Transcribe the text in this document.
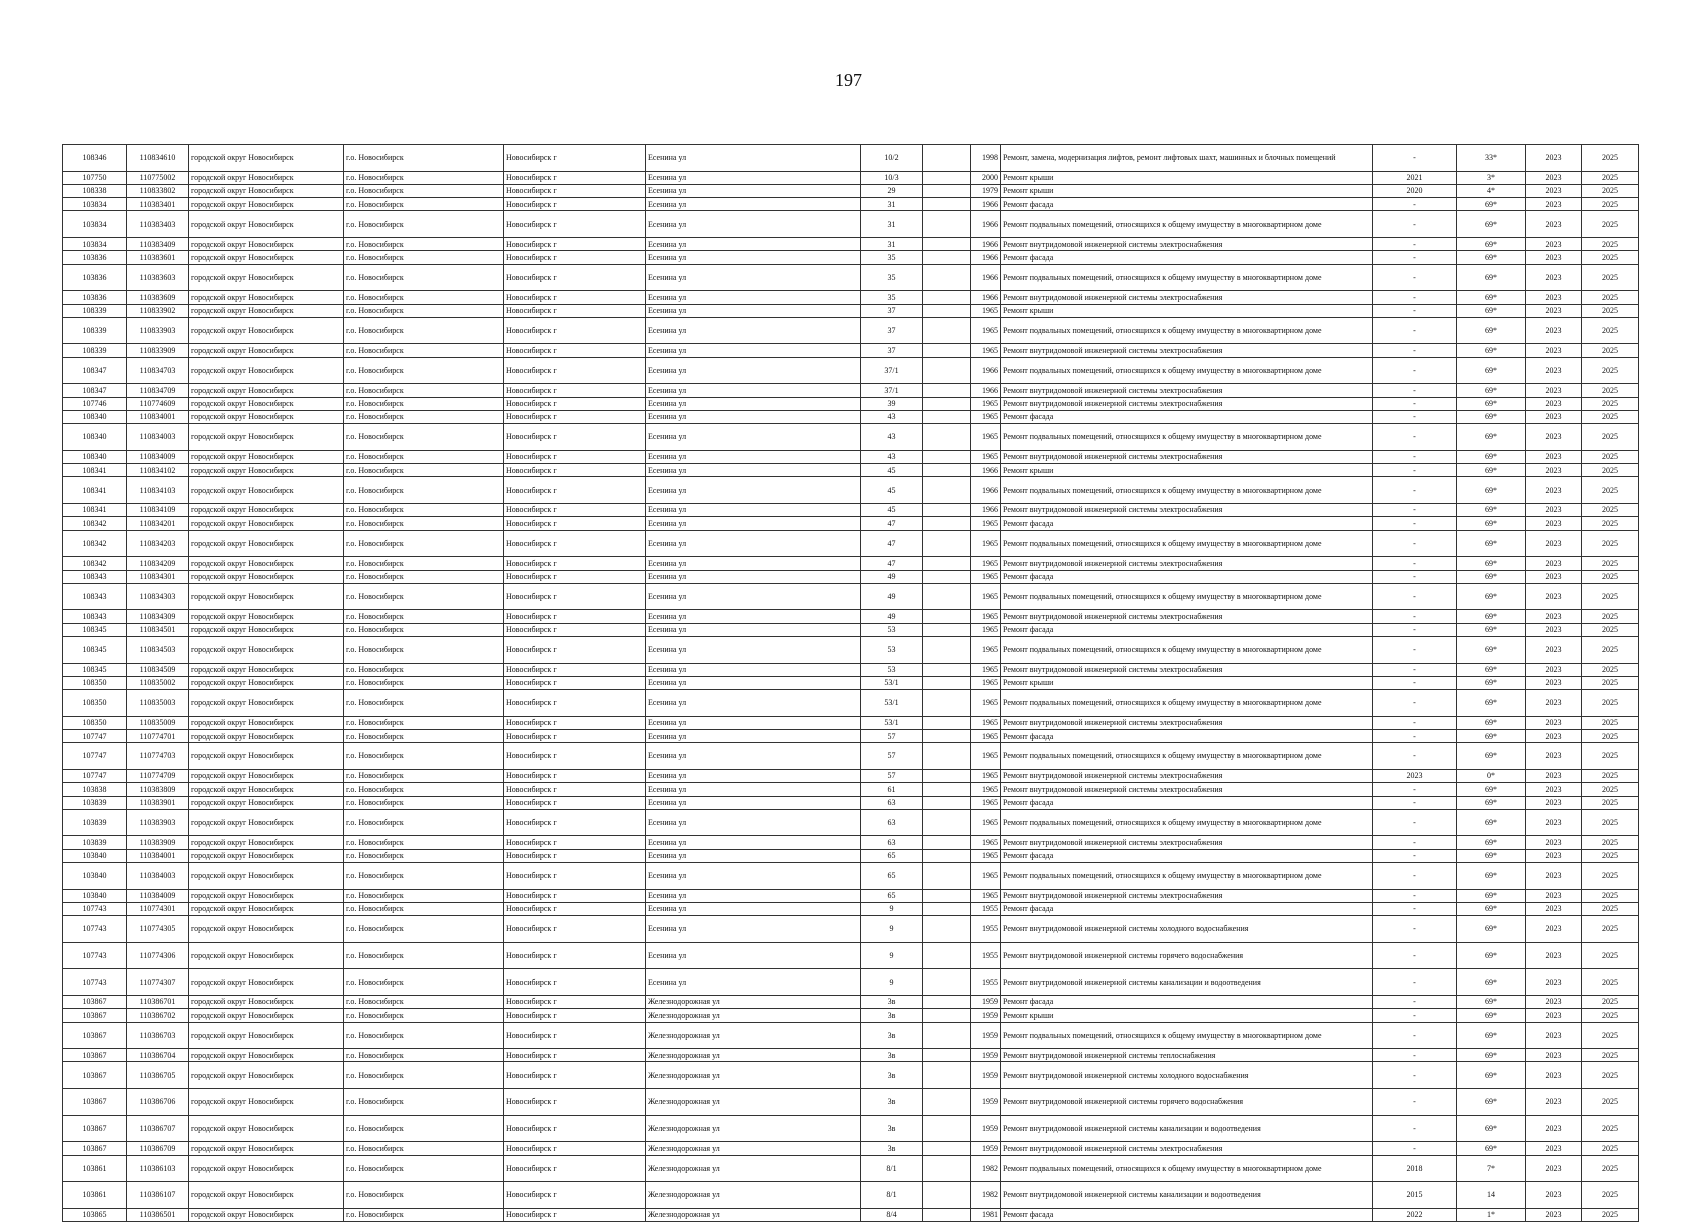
197
108346	110834610	городской округ Новосибирск	г.о. Новосибирск	Новосибирск г	Есенина ул	10/2		1998	Ремонт, замена, модернизация лифтов, ремонт лифтовых шахт, машинных и блочных помещений	-	33*	2023	2025
107750	110775002	городской округ Новосибирск	г.о. Новосибирск	Новосибирск г	Есенина ул	10/3		2000	Ремонт крыши	2021	3*	2023	2025
108338	110833802	городской округ Новосибирск	г.о. Новосибирск	Новосибирск г	Есенина ул	29		1979	Ремонт крыши	2020	4*	2023	2025
103834	110383401	городской округ Новосибирск	г.о. Новосибирск	Новосибирск г	Есенина ул	31		1966	Ремонт фасада	-	69*	2023	2025
103834	110383403	городской округ Новосибирск	г.о. Новосибирск	Новосибирск г	Есенина ул	31		1966	Ремонт подвальных помещений, относящихся к общему имуществу в многоквартирном доме	-	69*	2023	2025
103834	110383409	городской округ Новосибирск	г.о. Новосибирск	Новосибирск г	Есенина ул	31		1966	Ремонт внутридомовой инженерной системы электроснабжения	-	69*	2023	2025
103836	110383601	городской округ Новосибирск	г.о. Новосибирск	Новосибирск г	Есенина ул	35		1966	Ремонт фасада	-	69*	2023	2025
103836	110383603	городской округ Новосибирск	г.о. Новосибирск	Новосибирск г	Есенина ул	35		1966	Ремонт подвальных помещений, относящихся к общему имуществу в многоквартирном доме	-	69*	2023	2025
103836	110383609	городской округ Новосибирск	г.о. Новосибирск	Новосибирск г	Есенина ул	35		1966	Ремонт внутридомовой инженерной системы электроснабжения	-	69*	2023	2025
108339	110833902	городской округ Новосибирск	г.о. Новосибирск	Новосибирск г	Есенина ул	37		1965	Ремонт крыши	-	69*	2023	2025
108339	110833903	городской округ Новосибирск	г.о. Новосибирск	Новосибирск г	Есенина ул	37		1965	Ремонт подвальных помещений, относящихся к общему имуществу в многоквартирном доме	-	69*	2023	2025
108339	110833909	городской округ Новосибирск	г.о. Новосибирск	Новосибирск г	Есенина ул	37		1965	Ремонт внутридомовой инженерной системы электроснабжения	-	69*	2023	2025
108347	110834703	городской округ Новосибирск	г.о. Новосибирск	Новосибирск г	Есенина ул	37/1		1966	Ремонт подвальных помещений, относящихся к общему имуществу в многоквартирном доме	-	69*	2023	2025
108347	110834709	городской округ Новосибирск	г.о. Новосибирск	Новосибирск г	Есенина ул	37/1		1966	Ремонт внутридомовой инженерной системы электроснабжения	-	69*	2023	2025
107746	110774609	городской округ Новосибирск	г.о. Новосибирск	Новосибирск г	Есенина ул	39		1965	Ремонт внутридомовой инженерной системы электроснабжения	-	69*	2023	2025
108340	110834001	городской округ Новосибирск	г.о. Новосибирск	Новосибирск г	Есенина ул	43		1965	Ремонт фасада	-	69*	2023	2025
108340	110834003	городской округ Новосибирск	г.о. Новосибирск	Новосибирск г	Есенина ул	43		1965	Ремонт подвальных помещений, относящихся к общему имуществу в многоквартирном доме	-	69*	2023	2025
108340	110834009	городской округ Новосибирск	г.о. Новосибирск	Новосибирск г	Есенина ул	43		1965	Ремонт внутридомовой инженерной системы электроснабжения	-	69*	2023	2025
108341	110834102	городской округ Новосибирск	г.о. Новосибирск	Новосибирск г	Есенина ул	45		1966	Ремонт крыши	-	69*	2023	2025
108341	110834103	городской округ Новосибирск	г.о. Новосибирск	Новосибирск г	Есенина ул	45		1966	Ремонт подвальных помещений, относящихся к общему имуществу в многоквартирном доме	-	69*	2023	2025
108341	110834109	городской округ Новосибирск	г.о. Новосибирск	Новосибирск г	Есенина ул	45		1966	Ремонт внутридомовой инженерной системы электроснабжения	-	69*	2023	2025
108342	110834201	городской округ Новосибирск	г.о. Новосибирск	Новосибирск г	Есенина ул	47		1965	Ремонт фасада	-	69*	2023	2025
108342	110834203	городской округ Новосибирск	г.о. Новосибирск	Новосибирск г	Есенина ул	47		1965	Ремонт подвальных помещений, относящихся к общему имуществу в многоквартирном доме	-	69*	2023	2025
108342	110834209	городской округ Новосибирск	г.о. Новосибирск	Новосибирск г	Есенина ул	47		1965	Ремонт внутридомовой инженерной системы электроснабжения	-	69*	2023	2025
108343	110834301	городской округ Новосибирск	г.о. Новосибирск	Новосибирск г	Есенина ул	49		1965	Ремонт фасада	-	69*	2023	2025
108343	110834303	городской округ Новосибирск	г.о. Новосибирск	Новосибирск г	Есенина ул	49		1965	Ремонт подвальных помещений, относящихся к общему имуществу в многоквартирном доме	-	69*	2023	2025
108343	110834309	городской округ Новосибирск	г.о. Новосибирск	Новосибирск г	Есенина ул	49		1965	Ремонт внутридомовой инженерной системы электроснабжения	-	69*	2023	2025
108345	110834501	городской округ Новосибирск	г.о. Новосибирск	Новосибирск г	Есенина ул	53		1965	Ремонт фасада	-	69*	2023	2025
108345	110834503	городской округ Новосибирск	г.о. Новосибирск	Новосибирск г	Есенина ул	53		1965	Ремонт подвальных помещений, относящихся к общему имуществу в многоквартирном доме	-	69*	2023	2025
108345	110834509	городской округ Новосибирск	г.о. Новосибирск	Новосибирск г	Есенина ул	53		1965	Ремонт внутридомовой инженерной системы электроснабжения	-	69*	2023	2025
108350	110835002	городской округ Новосибирск	г.о. Новосибирск	Новосибирск г	Есенина ул	53/1		1965	Ремонт крыши	-	69*	2023	2025
108350	110835003	городской округ Новосибирск	г.о. Новосибирск	Новосибирск г	Есенина ул	53/1		1965	Ремонт подвальных помещений, относящихся к общему имуществу в многоквартирном доме	-	69*	2023	2025
108350	110835009	городской округ Новосибирск	г.о. Новосибирск	Новосибирск г	Есенина ул	53/1		1965	Ремонт внутридомовой инженерной системы электроснабжения	-	69*	2023	2025
107747	110774701	городской округ Новосибирск	г.о. Новосибирск	Новосибирск г	Есенина ул	57		1965	Ремонт фасада	-	69*	2023	2025
107747	110774703	городской округ Новосибирск	г.о. Новосибирск	Новосибирск г	Есенина ул	57		1965	Ремонт подвальных помещений, относящихся к общему имуществу в многоквартирном доме	-	69*	2023	2025
107747	110774709	городской округ Новосибирск	г.о. Новосибирск	Новосибирск г	Есенина ул	57		1965	Ремонт внутридомовой инженерной системы электроснабжения	2023	0*	2023	2025
103838	110383809	городской округ Новосибирск	г.о. Новосибирск	Новосибирск г	Есенина ул	61		1965	Ремонт внутридомовой инженерной системы электроснабжения	-	69*	2023	2025
103839	110383901	городской округ Новосибирск	г.о. Новосибирск	Новосибирск г	Есенина ул	63		1965	Ремонт фасада	-	69*	2023	2025
103839	110383903	городской округ Новосибирск	г.о. Новосибирск	Новосибирск г	Есенина ул	63		1965	Ремонт подвальных помещений, относящихся к общему имуществу в многоквартирном доме	-	69*	2023	2025
103839	110383909	городской округ Новосибирск	г.о. Новосибирск	Новосибирск г	Есенина ул	63		1965	Ремонт внутридомовой инженерной системы электроснабжения	-	69*	2023	2025
103840	110384001	городской округ Новосибирск	г.о. Новосибирск	Новосибирск г	Есенина ул	65		1965	Ремонт фасада	-	69*	2023	2025
103840	110384003	городской округ Новосибирск	г.о. Новосибирск	Новосибирск г	Есенина ул	65		1965	Ремонт подвальных помещений, относящихся к общему имуществу в многоквартирном доме	-	69*	2023	2025
103840	110384009	городской округ Новосибирск	г.о. Новосибирск	Новосибирск г	Есенина ул	65		1965	Ремонт внутридомовой инженерной системы электроснабжения	-	69*	2023	2025
107743	110774301	городской округ Новосибирск	г.о. Новосибирск	Новосибирск г	Есенина ул	9		1955	Ремонт фасада	-	69*	2023	2025
107743	110774305	городской округ Новосибирск	г.о. Новосибирск	Новосибирск г	Есенина ул	9		1955	Ремонт внутридомовой инженерной системы холодного водоснабжения	-	69*	2023	2025
107743	110774306	городской округ Новосибирск	г.о. Новосибирск	Новосибирск г	Есенина ул	9		1955	Ремонт внутридомовой инженерной системы горячего водоснабжения	-	69*	2023	2025
107743	110774307	городской округ Новосибирск	г.о. Новосибирск	Новосибирск г	Есенина ул	9		1955	Ремонт внутридомовой инженерной системы канализации и водоотведения	-	69*	2023	2025
103867	110386701	городской округ Новосибирск	г.о. Новосибирск	Новосибирск г	Железнодорожная ул	3в		1959	Ремонт фасада	-	69*	2023	2025
103867	110386702	городской округ Новосибирск	г.о. Новосибирск	Новосибирск г	Железнодорожная ул	3в		1959	Ремонт крыши	-	69*	2023	2025
103867	110386703	городской округ Новосибирск	г.о. Новосибирск	Новосибирск г	Железнодорожная ул	3в		1959	Ремонт подвальных помещений, относящихся к общему имуществу в многоквартирном доме	-	69*	2023	2025
103867	110386704	городской округ Новосибирск	г.о. Новосибирск	Новосибирск г	Железнодорожная ул	3в		1959	Ремонт внутридомовой инженерной системы теплоснабжения	-	69*	2023	2025
103867	110386705	городской округ Новосибирск	г.о. Новосибирск	Новосибирск г	Железнодорожная ул	3в		1959	Ремонт внутридомовой инженерной системы холодного водоснабжения	-	69*	2023	2025
103867	110386706	городской округ Новосибирск	г.о. Новосибирск	Новосибирск г	Железнодорожная ул	3в		1959	Ремонт внутридомовой инженерной системы горячего водоснабжения	-	69*	2023	2025
103867	110386707	городской округ Новосибирск	г.о. Новосибирск	Новосибирск г	Железнодорожная ул	3в		1959	Ремонт внутридомовой инженерной системы канализации и водоотведения	-	69*	2023	2025
103867	110386709	городской округ Новосибирск	г.о. Новосибирск	Новосибирск г	Железнодорожная ул	3в		1959	Ремонт внутридомовой инженерной системы электроснабжения	-	69*	2023	2025
103861	110386103	городской округ Новосибирск	г.о. Новосибирск	Новосибирск г	Железнодорожная ул	8/1		1982	Ремонт подвальных помещений, относящихся к общему имуществу в многоквартирном доме	2018	7*	2023	2025
103861	110386107	городской округ Новосибирск	г.о. Новосибирск	Новосибирск г	Железнодорожная ул	8/1		1982	Ремонт внутридомовой инженерной системы канализации и водоотведения	2015	14	2023	2025
103865	110386501	городской округ Новосибирск	г.о. Новосибирск	Новосибирск г	Железнодорожная ул	8/4		1981	Ремонт фасада	2022	1*	2023	2025
